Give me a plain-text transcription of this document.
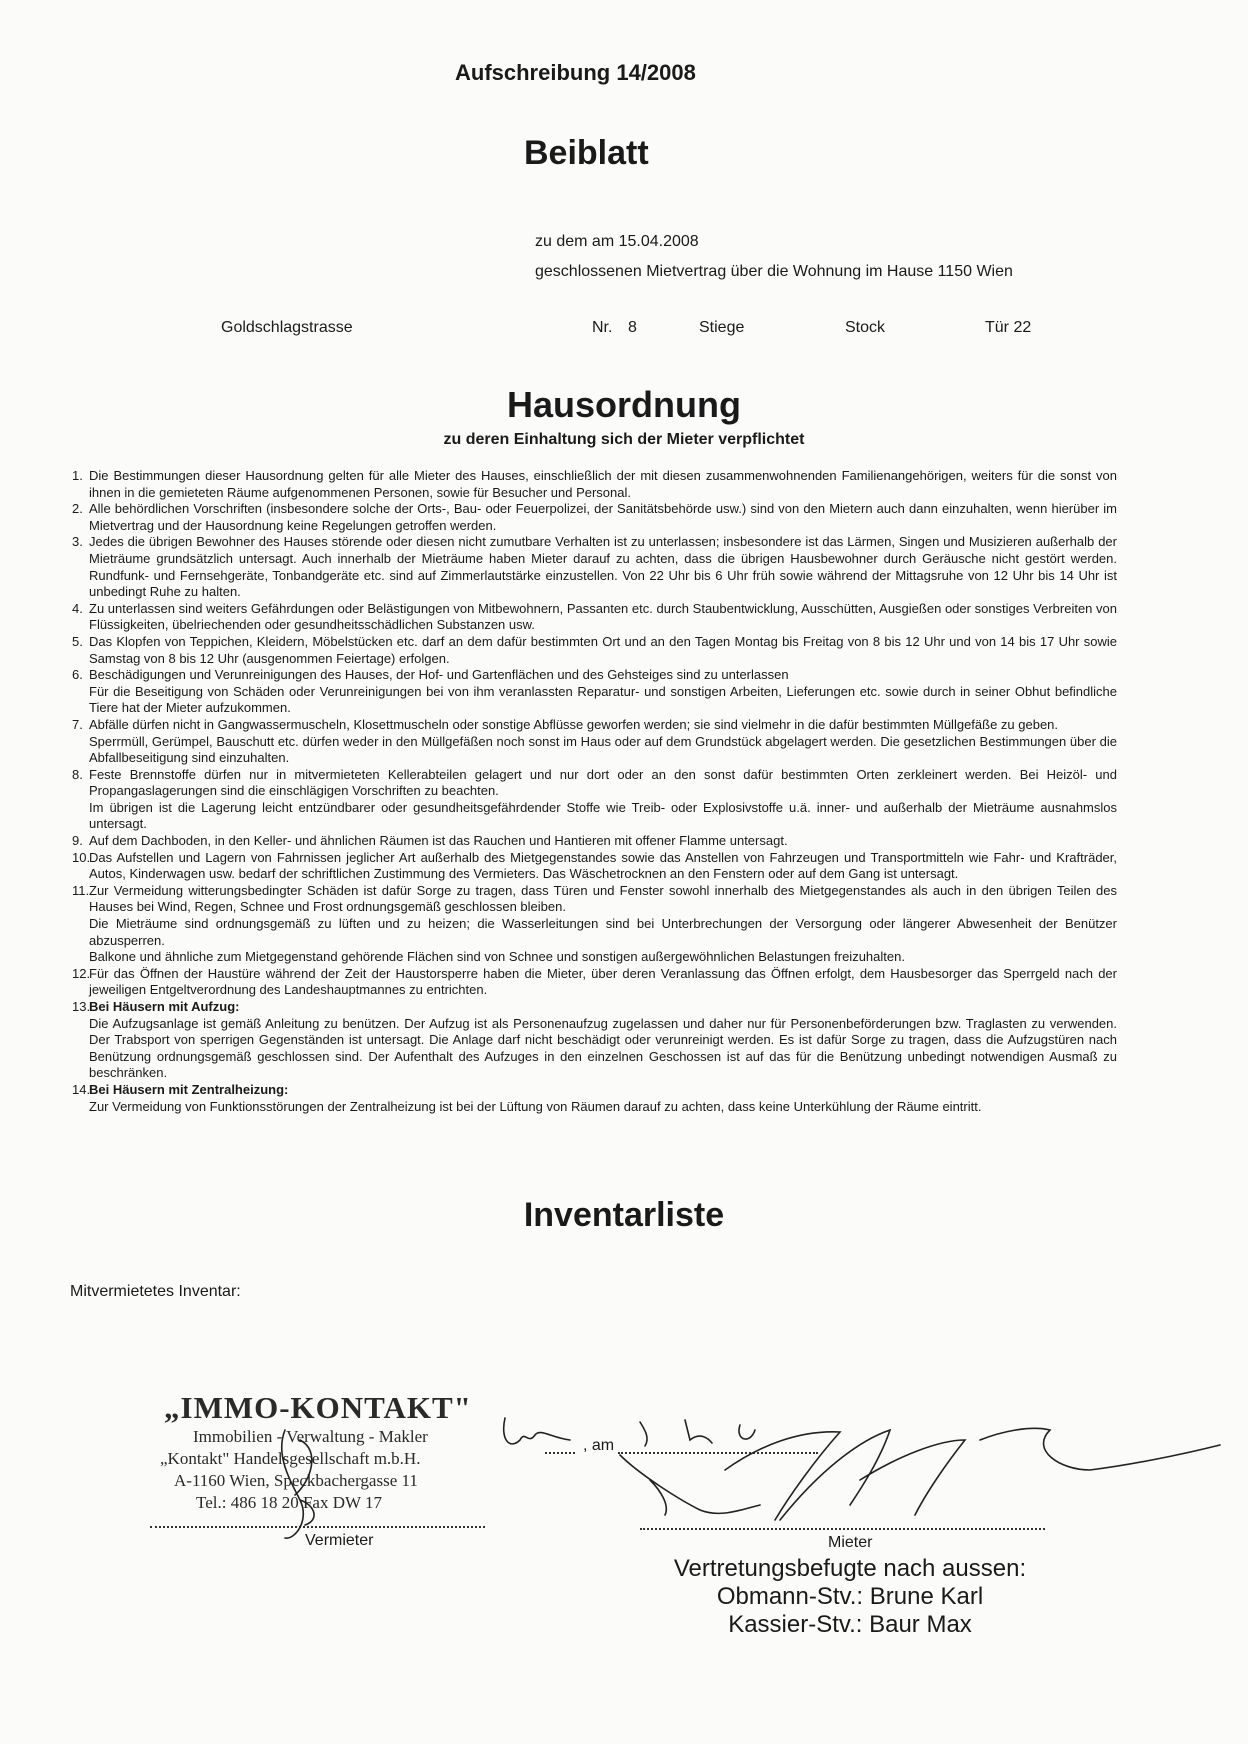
Aufschreibung 14/2008
Beiblatt
zu dem am 15.04.2008
geschlossenen Mietvertrag über die Wohnung im Hause 1150 Wien
Goldschlagstrasse	Nr. 8	Stiege	Stock	Tür 22
Hausordnung
zu deren Einhaltung sich der Mieter verpflichtet
1. Die Bestimmungen dieser Hausordnung gelten für alle Mieter des Hauses, einschließlich der mit diesen zusammenwohnenden Familienangehörigen, weiters für die sonst von ihnen in die gemieteten Räume aufgenommenen Personen, sowie für Besucher und Personal.

2. Alle behördlichen Vorschriften (insbesondere solche der Orts-, Bau- oder Feuerpolizei, der Sanitätsbehörde usw.) sind von den Mietern auch dann einzuhalten, wenn hierüber im Mietvertrag und der Hausordnung keine Regelungen getroffen werden.

3. Jedes die übrigen Bewohner des Hauses störende oder diesen nicht zumutbare Verhalten ist zu unterlassen; insbesondere ist das Lärmen, Singen und Musizieren außerhalb der Mieträume grundsätzlich untersagt. Auch innerhalb der Mieträume haben Mieter darauf zu achten, dass die übrigen Hausbewohner durch Geräusche nicht gestört werden. Rundfunk- und Fernsehgeräte, Tonbandgeräte etc. sind auf Zimmerlautstärke einzustellen. Von 22 Uhr bis 6 Uhr früh sowie während der Mittagsruhe von 12 Uhr bis 14 Uhr ist unbedingt Ruhe zu halten.

4. Zu unterlassen sind weiters Gefährdungen oder Belästigungen von Mitbewohnern, Passanten etc. durch Staubentwicklung, Ausschütten, Ausgießen oder sonstiges Verbreiten von Flüssigkeiten, übelriechenden oder gesundheitsschädlichen Substanzen usw.

5. Das Klopfen von Teppichen, Kleidern, Möbelstücken etc. darf an dem dafür bestimmten Ort und an den Tagen Montag bis Freitag von 8 bis 12 Uhr und von 14 bis 17 Uhr sowie Samstag von 8 bis 12 Uhr (ausgenommen Feiertage) erfolgen.

6. Beschädigungen und Verunreinigungen des Hauses, der Hof- und Gartenflächen und des Gehsteiges sind zu unterlassen

Für die Beseitigung von Schäden oder Verunreinigungen bei von ihm veranlassten Reparatur- und sonstigen Arbeiten, Lieferungen etc. sowie durch in seiner Obhut befindliche Tiere hat der Mieter aufzukommen.

7. Abfälle dürfen nicht in Gangwassermuscheln, Klosettmuscheln oder sonstige Abflüsse geworfen werden; sie sind vielmehr in die dafür bestimmten Müllgefäße zu geben.

Sperrmüll, Gerümpel, Bauschutt etc. dürfen weder in den Müllgefäßen noch sonst im Haus oder auf dem Grundstück abgelagert werden. Die gesetzlichen Bestimmungen über die Abfallbeseitigung sind einzuhalten.

8. Feste Brennstoffe dürfen nur in mitvermieteten Kellerabteilen gelagert und nur dort oder an den sonst dafür bestimmten Orten zerkleinert werden. Bei Heizöl- und Propangaslagerungen sind die einschlägigen Vorschriften zu beachten.

Im übrigen ist die Lagerung leicht entzündbarer oder gesundheitsgefährdender Stoffe wie Treib- oder Explosivstoffe u.ä. inner- und außerhalb der Mieträume ausnahmslos untersagt.

9. Auf dem Dachboden, in den Keller- und ähnlichen Räumen ist das Rauchen und Hantieren mit offener Flamme untersagt.

10.

Das Aufstellen und Lagern von Fahrnissen jeglicher Art außerhalb des Mietgegenstandes sowie das Anstellen von Fahrzeugen und Transportmitteln wie Fahr- und Krafträder, Autos, Kinderwagen usw. bedarf der schriftlichen Zustimmung des Vermieters. Das Wäschetrocknen an den Fenstern oder auf dem Gang ist untersagt.

11. Zur Vermeidung witterungsbedingter Schäden ist dafür Sorge zu tragen, dass Türen und Fenster sowohl innerhalb des Mietgegenstandes als auch in den übrigen Teilen des Hauses bei Wind, Regen, Schnee und Frost ordnungsgemäß geschlossen bleiben.

Die Mieträume sind ordnungsgemäß zu lüften und zu heizen; die Wasserleitungen sind bei Unterbrechungen der Versorgung oder längerer Abwesenheit der Benützer abzusperren.

Balkone und ähnliche zum Mietgegenstand gehörende Flächen sind von Schnee und sonstigen außergewöhnlichen Belastungen freizuhalten.

12.

Für das Öffnen der Haustüre während der Zeit der Haustorsperre haben die Mieter, über deren Veranlassung das Öffnen erfolgt, dem Hausbesorger das Sperrgeld nach der jeweiligen Entgeltverordnung des Landeshauptmannes zu entrichten.

13.

Bei Häusern mit Aufzug:

Die Aufzugsanlage ist gemäß Anleitung zu benützen. Der Aufzug ist als Personenaufzug zugelassen und daher nur für Personenbeförderungen bzw. Traglasten zu verwenden. Der Trabsport von sperrigen Gegenständen ist untersagt. Die Anlage darf nicht beschädigt oder verunreinigt werden. Es ist dafür Sorge zu tragen, dass die Aufzugstüren nach Benützung ordnungsgemäß geschlossen sind. Der Aufenthalt des Aufzuges in den einzelnen Geschossen ist auf das für die Benützung unbedingt notwendigen Ausmaß zu beschränken.

14.

Bei Häusern mit Zentralheizung:

Zur Vermeidung von Funktionsstörungen der Zentralheizung ist bei der Lüftung von Räumen darauf zu achten, dass keine Unterkühlung der Räume eintritt.

Inventarliste
Mitvermietetes Inventar:
„IMMO-KONTAKT"
Immobilien - Verwaltung - Makler
„Kontakt" Handelsgesellschaft m.b.H.
A-1160 Wien, Speckbachergasse 11
Tel.: 486 18 20 Fax DW 17
Vermieter
, am
Mieter
Vertretungsbefugte nach aussen:
Obmann-Stv.: Brune Karl
Kassier-Stv.: Baur Max
